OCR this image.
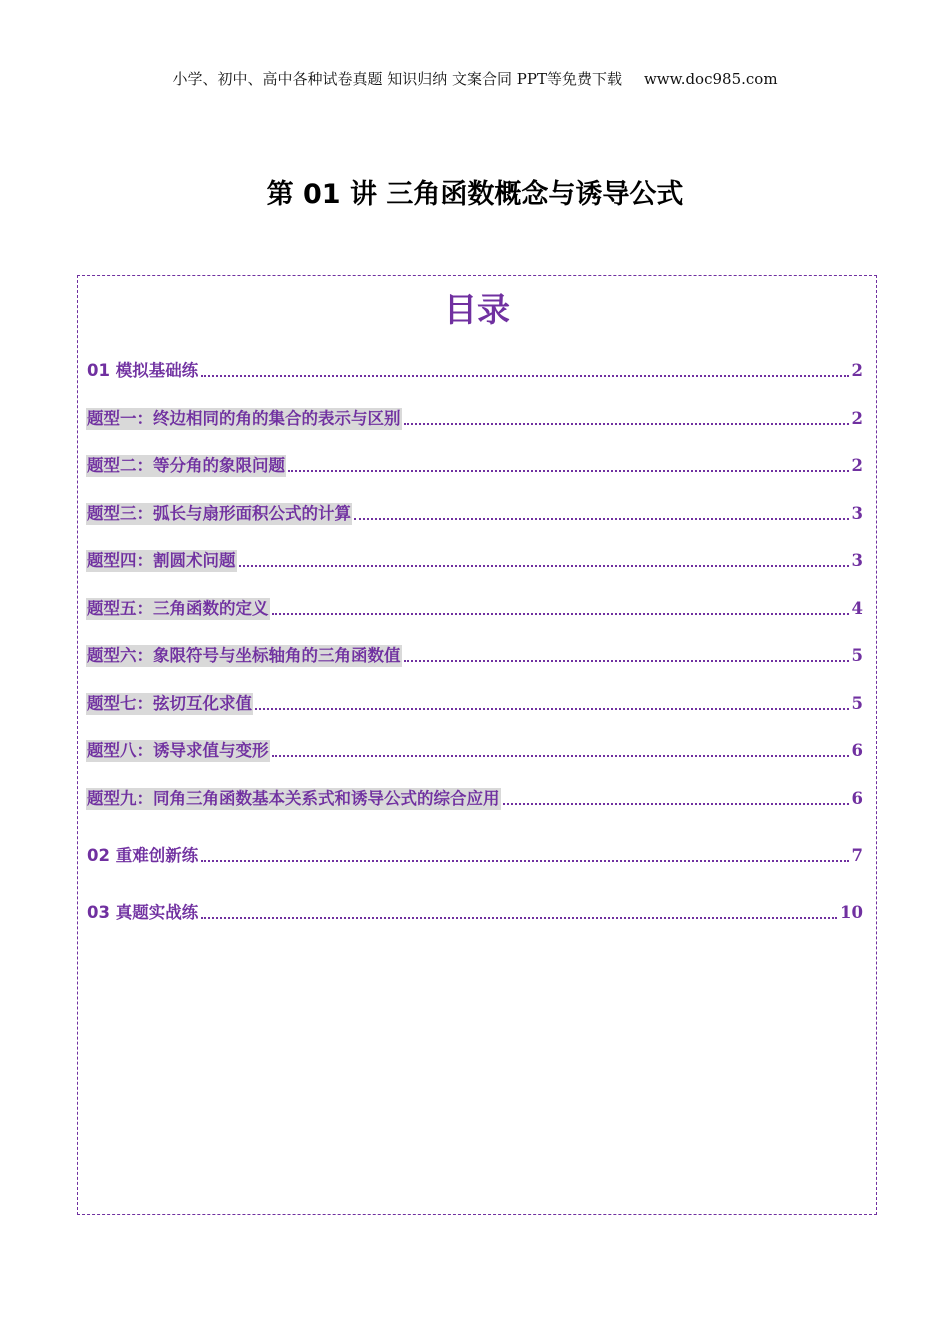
小学、初中、高中各种试卷真题 知识归纳 文案合同 PPT等免费下载 www.doc985.com
第 01 讲 三角函数概念与诱导公式
目录
01 模拟基础练	2
题型一：终边相同的角的集合的表示与区别	2
题型二：等分角的象限问题	2
题型三：弧长与扇形面积公式的计算	3
题型四：割圆术问题	3
题型五：三角函数的定义	4
题型六：象限符号与坐标轴角的三角函数值	5
题型七：弦切互化求值	5
题型八：诱导求值与变形	6
题型九：同角三角函数基本关系式和诱导公式的综合应用	6
02 重难创新练	7
03 真题实战练	10
